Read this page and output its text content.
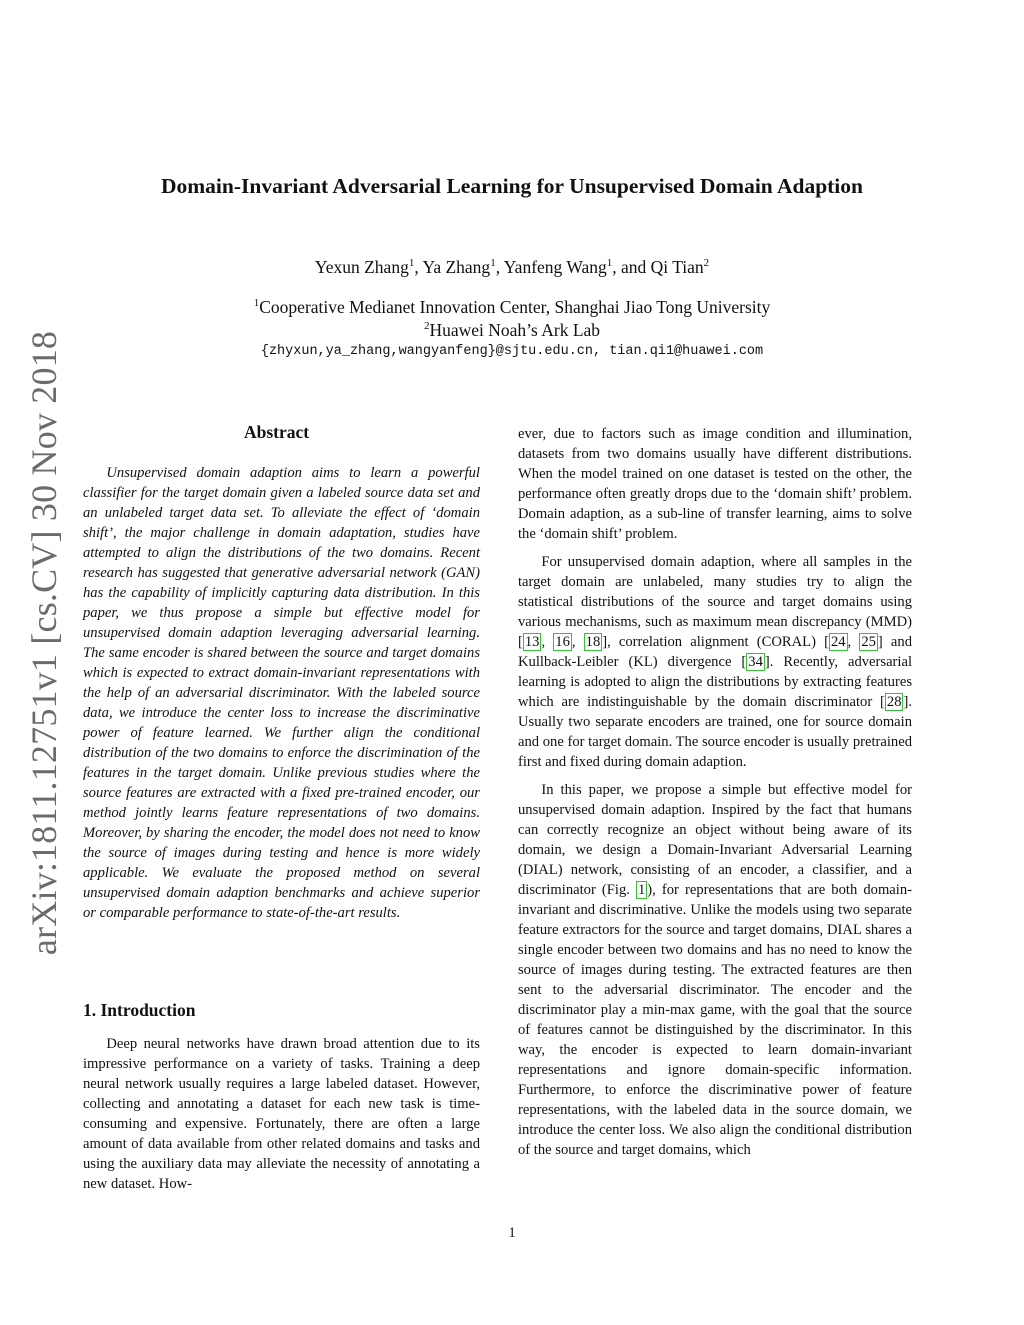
arXiv:1811.12751v1 [cs.CV] 30 Nov 2018
Domain-Invariant Adversarial Learning for Unsupervised Domain Adaption
Yexun Zhang$^1$, Ya Zhang$^1$, Yanfeng Wang$^1$, and Qi Tian$^2$
$^1$Cooperative Medianet Innovation Center, Shanghai Jiao Tong University
$^2$Huawei Noah’s Ark Lab
{zhyxun,ya_zhang,wangyanfeng}@sjtu.edu.cn, tian.qi1@huawei.com
Abstract
Unsupervised domain adaption aims to learn a powerful classifier for the target domain given a labeled source data set and an unlabeled target data set. To alleviate the effect of ‘domain shift’, the major challenge in domain adaptation, studies have attempted to align the distributions of the two domains. Recent research has suggested that generative adversarial network (GAN) has the capability of implicitly capturing data distribution. In this paper, we thus propose a simple but effective model for unsupervised domain adaption leveraging adversarial learning. The same encoder is shared between the source and target domains which is expected to extract domain-invariant representations with the help of an adversarial discriminator. With the labeled source data, we introduce the center loss to increase the discriminative power of feature learned. We further align the conditional distribution of the two domains to enforce the discrimination of the features in the target domain. Unlike previous studies where the source features are extracted with a fixed pre-trained encoder, our method jointly learns feature representations of two domains. Moreover, by sharing the encoder, the model does not need to know the source of images during testing and hence is more widely applicable. We evaluate the proposed method on several unsupervised domain adaption benchmarks and achieve superior or comparable performance to state-of-the-art results.
1. Introduction
Deep neural networks have drawn broad attention due to its impressive performance on a variety of tasks. Training a deep neural network usually requires a large labeled dataset. However, collecting and annotating a dataset for each new task is time-consuming and expensive. Fortunately, there are often a large amount of data available from other related domains and tasks and using the auxiliary data may alleviate the necessity of annotating a new dataset. How-

ever, due to factors such as image condition and illumination, datasets from two domains usually have different distributions. When the model trained on one dataset is tested on the other, the performance often greatly drops due to the ‘domain shift’ problem. Domain adaption, as a sub-line of transfer learning, aims to solve the ‘domain shift’ problem.

For unsupervised domain adaption, where all samples in the target domain are unlabeled, many studies try to align the statistical distributions of the source and target domains using various mechanisms, such as maximum mean discrepancy (MMD) [ 13 , 16 , 18 ], correlation alignment (CORAL) [ 24 , 25 ] and Kullback-Leibler (KL) divergence [ 34 ]. Recently, adversarial learning is adopted to align the distributions by extracting features which are indistinguishable by the domain discriminator [ 28 ]. Usually two separate encoders are trained, one for source domain and one for target domain. The source encoder is usually pretrained first and fixed during domain adaption.

In this paper, we propose a simple but effective model for unsupervised domain adaption. Inspired by the fact that humans can correctly recognize an object without being aware of its domain, we design a Domain-Invariant Adversarial Learning (DIAL) network, consisting of an encoder, a classifier, and a discriminator (Fig. 1 ), for representations that are both domain-invariant and discriminative. Unlike the models using two separate feature extractors for the source and target domains, DIAL shares a single encoder between two domains and has no need to know the source of images during testing. The extracted features are then sent to the adversarial discriminator. The encoder and the discriminator play a min-max game, with the goal that the source of features cannot be distinguished by the discriminator. In this way, the encoder is expected to learn domain-invariant representations and ignore domain-specific information. Furthermore, to enforce the discriminative power of feature representations, with the labeled data in the source domain, we introduce the center loss. We also align the conditional distribution of the source and target domains, which

1
